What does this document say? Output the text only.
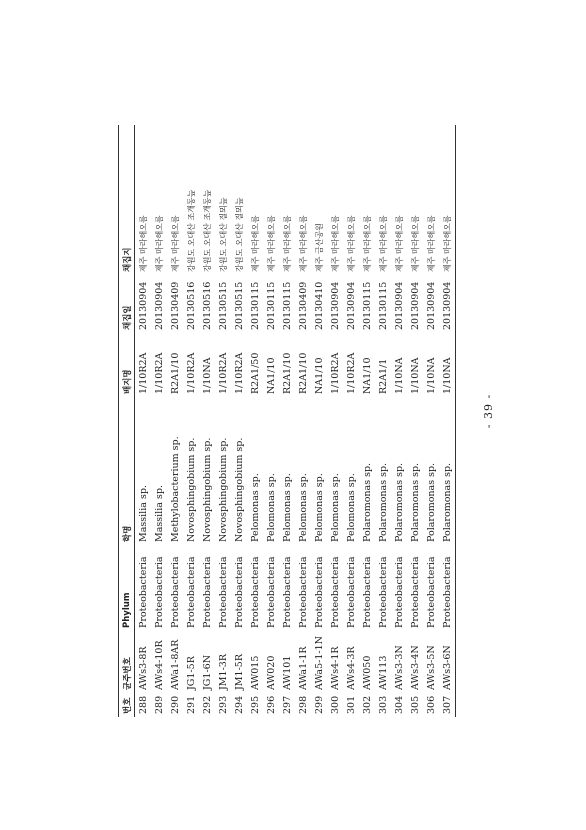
번호	균주번호	Phylum	학명	배지명	채집일	채집지
288	AWs3-8R	Proteobacteria	Massilia sp.	1/10R2A	20130904	제주 마라해오름
289	AWs4-10R	Proteobacteria	Massilia sp.	1/10R2A	20130904	제주 마라해오름
290	AWa1-8AR	Proteobacteria	Methylobacterium sp.	R2A1/10	20130409	제주 마라해오름
291	JG1-5R	Proteobacteria	Novosphingobium sp.	1/10R2A	20130516	강원도 오대산 조개동늪
292	JG1-6N	Proteobacteria	Novosphingobium sp.	1/10NA	20130516	강원도 오대산 조개동늪
293	JM1-3R	Proteobacteria	Novosphingobium sp.	1/10R2A	20130515	강원도 오대산 질뫼늪
294	JM1-5R	Proteobacteria	Novosphingobium sp.	1/10R2A	20130515	강원도 오대산 질뫼늪
295	AW015	Proteobacteria	Pelomonas sp.	R2A1/50	20130115	제주 마라해오름
296	AW020	Proteobacteria	Pelomonas sp.	NA1/10	20130115	제주 마라해오름
297	AW101	Proteobacteria	Pelomonas sp.	R2A1/10	20130115	제주 마라해오름
298	AWa1-1R	Proteobacteria	Pelomonas sp.	R2A1/10	20130409	제주 마라해오름
299	AWa5-1-1N	Proteobacteria	Pelomonas sp.	NA1/10	20130410	제주 금산공원
300	AWs4-1R	Proteobacteria	Pelomonas sp.	1/10R2A	20130904	제주 마라해오름
301	AWs4-3R	Proteobacteria	Pelomonas sp.	1/10R2A	20130904	제주 마라해오름
302	AW050	Proteobacteria	Polaromonas sp.	NA1/10	20130115	제주 마라해오름
303	AW113	Proteobacteria	Polaromonas sp.	R2A1/1	20130115	제주 마라해오름
304	AWs3-3N	Proteobacteria	Polaromonas sp.	1/10NA	20130904	제주 마라해오름
305	AWs3-4N	Proteobacteria	Polaromonas sp.	1/10NA	20130904	제주 마라해오름
306	AWs3-5N	Proteobacteria	Polaromonas sp.	1/10NA	20130904	제주 마라해오름
307	AWs3-6N	Proteobacteria	Polaromonas sp.	1/10NA	20130904	제주 마라해오름
- 39 -
